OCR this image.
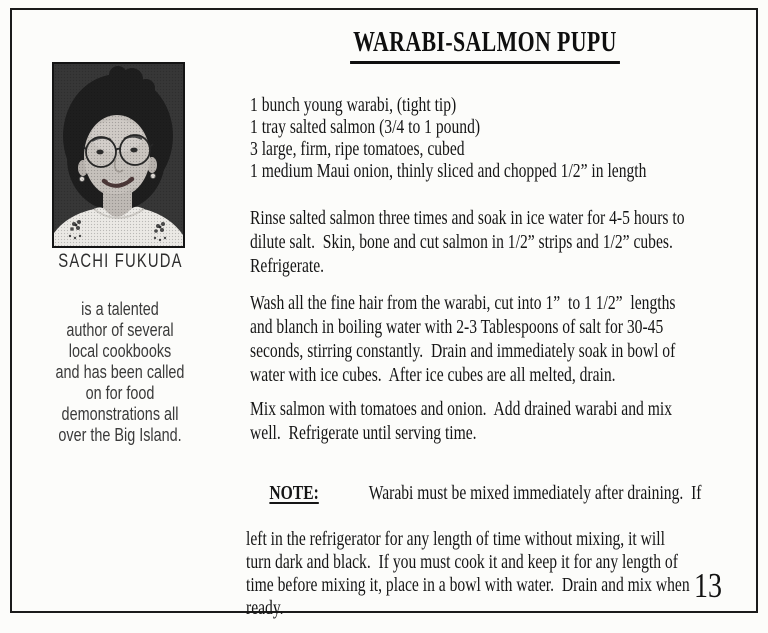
WARABI-SALMON PUPU
SACHI FUKUDA
is a talented
author of several
local cookbooks
and has been called
on for food
demonstrations all
over the Big Island.
1 bunch young warabi, (tight tip)
1 tray salted salmon (3/4 to 1 pound)
3 large, firm, ripe tomatoes, cubed
1 medium Maui onion, thinly sliced and chopped 1/2” in length
Rinse salted salmon three times and soak in ice water for 4-5 hours to
dilute salt.  Skin, bone and cut salmon in 1/2” strips and 1/2” cubes.
Refrigerate.
Wash all the fine hair from the warabi, cut into 1”  to 1 1/2”  lengths
and blanch in boiling water with 2-3 Tablespoons of salt for 30-45
seconds, stirring constantly.  Drain and immediately soak in bowl of
water with ice cubes.  After ice cubes are all melted, drain.
Mix salmon with tomatoes and onion.  Add drained warabi and mix
well.  Refrigerate until serving time.

NOTE: Warabi must be mixed immediately after draining.  If

left in the refrigerator for any length of time without mixing, it will
turn dark and black.  If you must cook it and keep it for any length of
time before mixing it, place in a bowl with water.  Drain and mix when
ready.
13
